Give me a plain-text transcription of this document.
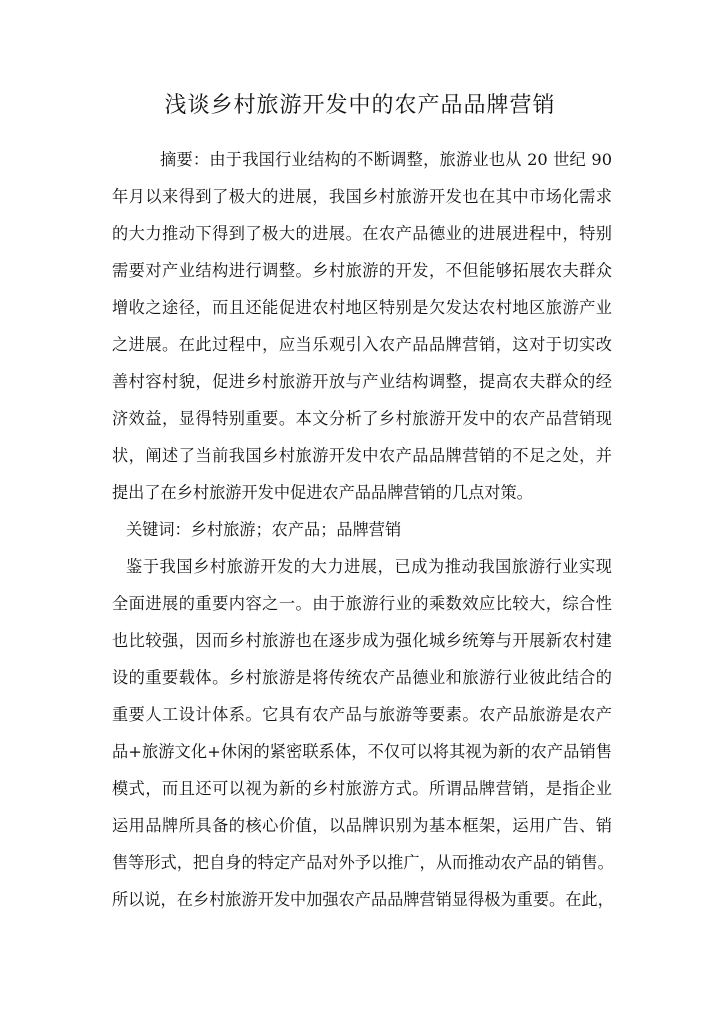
浅谈乡村旅游开发中的农产品品牌营销

摘要：由于我国行业结构的不断调整，旅游业也从 20 世纪 90

年月以来得到了极大的进展，我国乡村旅游开发也在其中市场化需求

的大力推动下得到了极大的进展。在农产品德业的进展进程中，特别

需要对产业结构进行调整。乡村旅游的开发，不但能够拓展农夫群众

增收之途径，而且还能促进农村地区特别是欠发达农村地区旅游产业

之进展。在此过程中，应当乐观引入农产品品牌营销，这对于切实改

善村容村貌，促进乡村旅游开放与产业结构调整，提高农夫群众的经

济效益，显得特别重要。本文分析了乡村旅游开发中的农产品营销现

状，阐述了当前我国乡村旅游开发中农产品品牌营销的不足之处，并

提出了在乡村旅游开发中促进农产品品牌营销的几点对策。

关键词：乡村旅游；农产品；品牌营销

鉴于我国乡村旅游开发的大力进展，已成为推动我国旅游行业实现

全面进展的重要内容之一。由于旅游行业的乘数效应比较大，综合性

也比较强，因而乡村旅游也在逐步成为强化城乡统筹与开展新农村建

设的重要载体。乡村旅游是将传统农产品德业和旅游行业彼此结合的

重要人工设计体系。它具有农产品与旅游等要素。农产品旅游是农产

品+旅游文化+休闲的紧密联系体，不仅可以将其视为新的农产品销售

模式，而且还可以视为新的乡村旅游方式。所谓品牌营销，是指企业

运用品牌所具备的核心价值，以品牌识别为基本框架，运用广告、销

售等形式，把自身的特定产品对外予以推广，从而推动农产品的销售。

所以说，在乡村旅游开发中加强农产品品牌营销显得极为重要。在此，
